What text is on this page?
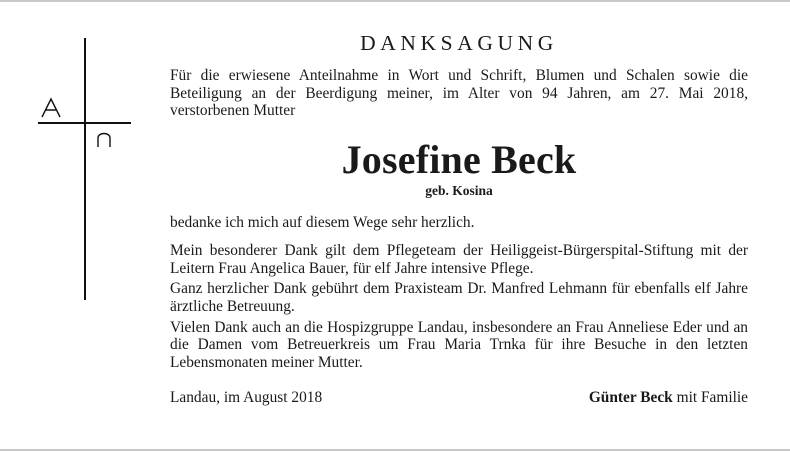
DANKSAGUNG

Für die erwiesene Anteilnahme in Wort und Schrift, Blumen und Schalen sowie die Beteiligung an der Beerdigung meiner, im Alter von 94 Jahren, am 27. Mai 2018, verstorbenen Mutter

Josefine Beck
geb. Kosina

bedanke ich mich auf diesem Wege sehr herzlich.

Mein besonderer Dank gilt dem Pflegeteam der Heiliggeist-Bürgerspital-Stiftung mit der Leitern Frau Angelica Bauer, für elf Jahre intensive Pflege.

Ganz herzlicher Dank gebührt dem Praxisteam Dr. Manfred Lehmann für ebenfalls elf Jahre ärztliche Betreuung.

Vielen Dank auch an die Hospizgruppe Landau, insbesondere an Frau Anneliese Eder und an die Damen vom Betreuerkreis um Frau Maria Trnka für ihre Besuche in den letzten Lebensmonaten meiner Mutter.

Landau, im August 2018	Günter Beck mit Familie
